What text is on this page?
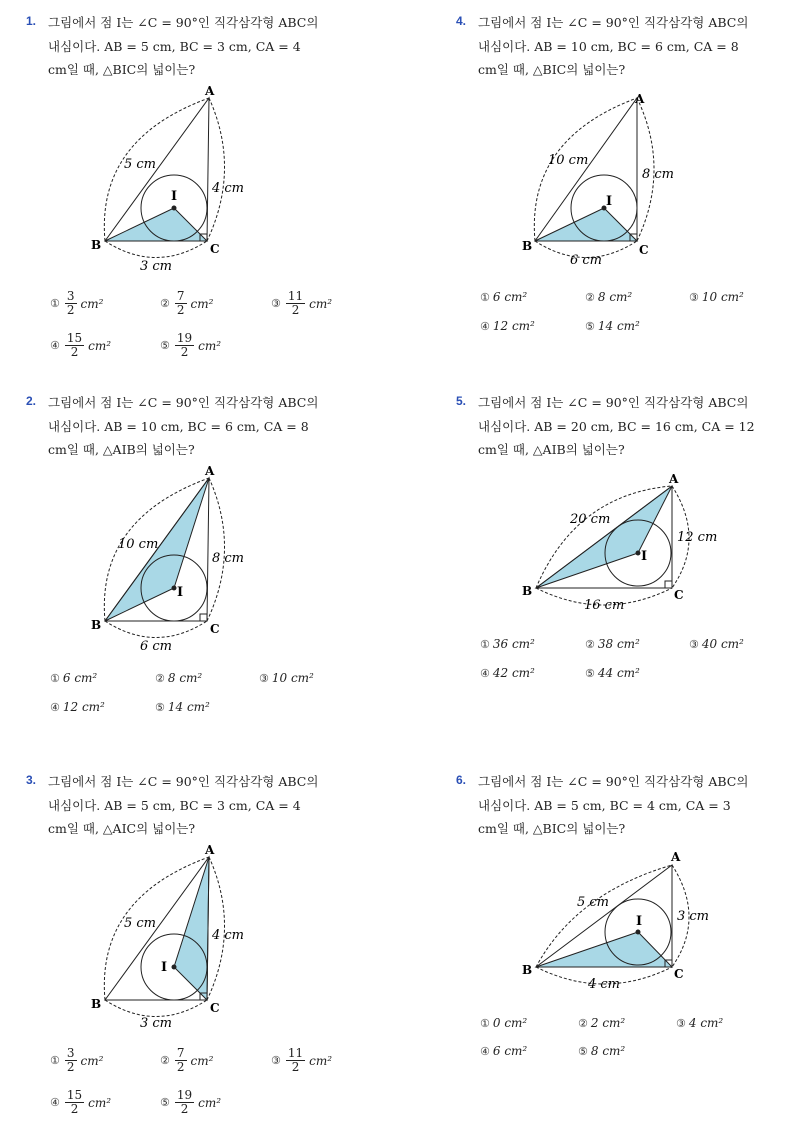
1. 그림에서 점 I는 ∠C = 90°인 직각삼각형 ABC의
내심이다. AB = 5 cm, BC = 3 cm, CA = 4
cm일 때, △BIC의 넓이는?
A
B	C
I
5 cm
4 cm
3 cm
① $\frac{3}{2} cm^2$	② $\frac{7}{2} cm^2$	③ $\frac{11}{2} cm^2$
④ $\frac{15}{2} cm^2$	⑤ $\frac{19}{2} cm^2$
2. 그림에서 점 I는 ∠C = 90°인 직각삼각형 ABC의
내심이다. AB = 10 cm, BC = 6 cm, CA = 8
cm일 때, △AIB의 넓이는?
A
B	C
I
10 cm
8 cm
6 cm
① 6 cm²	② 8 cm²	③ 10 cm²
④ 12 cm²	⑤ 14 cm²
3. 그림에서 점 I는 ∠C = 90°인 직각삼각형 ABC의
내심이다. AB = 5 cm, BC = 3 cm, CA = 4
cm일 때, △AIC의 넓이는?
A
B	C
I
5 cm
4 cm
3 cm
① $\frac{3}{2} cm^2$	② $\frac{7}{2} cm^2$	③ $\frac{11}{2} cm^2$
④ $\frac{15}{2} cm^2$	⑤ $\frac{19}{2} cm^2$
4. 그림에서 점 I는 ∠C = 90°인 직각삼각형 ABC의
내심이다. AB = 10 cm, BC = 6 cm, CA = 8
cm일 때, △BIC의 넓이는?
A
B	C
I
10 cm
8 cm
6 cm
① 6 cm²	② 8 cm²	③ 10 cm²
④ 12 cm²	⑤ 14 cm²
5. 그림에서 점 I는 ∠C = 90°인 직각삼각형 ABC의
내심이다. AB = 20 cm, BC = 16 cm, CA = 12
cm일 때, △AIB의 넓이는?
A
B	C
I
20 cm
12 cm
16 cm
① 36 cm²	② 38 cm²	③ 40 cm²
④ 42 cm²	⑤ 44 cm²
6. 그림에서 점 I는 ∠C = 90°인 직각삼각형 ABC의
내심이다. AB = 5 cm, BC = 4 cm, CA = 3
cm일 때, △BIC의 넓이는?
A
B	C
I
5 cm
3 cm
4 cm
① 0 cm²	② 2 cm²	③ 4 cm²
④ 6 cm²	⑤ 8 cm²
